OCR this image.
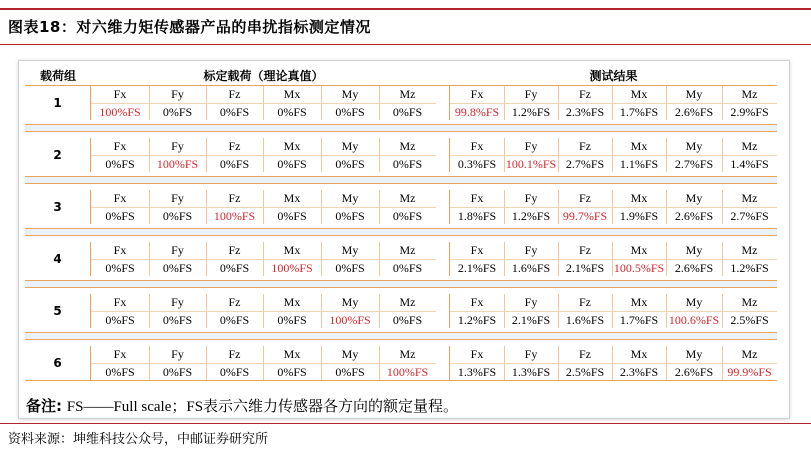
图表18：对六维力矩传感器产品的串扰指标测定情况
载荷组	标定载荷（理论真值）	测试结果
1
Fx
100%FS
Fy
0%FS
Fz
0%FS
Mx
0%FS
My
0%FS
Mz
0%FS
Fx
99.8%FS
Fy
1.2%FS
Fz
2.3%FS
Mx
1.7%FS
My
2.6%FS
Mz
2.9%FS
2
Fx
0%FS
Fy
100%FS
Fz
0%FS
Mx
0%FS
My
0%FS
Mz
0%FS
Fx
0.3%FS
Fy
100.1%FS
Fz
2.7%FS
Mx
1.1%FS
My
2.7%FS
Mz
1.4%FS
3
Fx
0%FS
Fy
0%FS
Fz
100%FS
Mx
0%FS
My
0%FS
Mz
0%FS
Fx
1.8%FS
Fy
1.2%FS
Fz
99.7%FS
Mx
1.9%FS
My
2.6%FS
Mz
2.7%FS
4
Fx
0%FS
Fy
0%FS
Fz
0%FS
Mx
100%FS
My
0%FS
Mz
0%FS
Fx
2.1%FS
Fy
1.6%FS
Fz
2.1%FS
Mx
100.5%FS
My
2.6%FS
Mz
1.2%FS
5
Fx
0%FS
Fy
0%FS
Fz
0%FS
Mx
0%FS
My
100%FS
Mz
0%FS
Fx
1.2%FS
Fy
2.1%FS
Fz
1.6%FS
Mx
1.7%FS
My
100.6%FS
Mz
2.5%FS
6
Fx
0%FS
Fy
0%FS
Fz
0%FS
Mx
0%FS
My
0%FS
Mz
100%FS
Fx
1.3%FS
Fy
1.3%FS
Fz
2.5%FS
Mx
2.3%FS
My
2.6%FS
Mz
99.9%FS
备注: FS——Full scale；FS表示六维力传感器各方向的额定量程。
资料来源：坤维科技公众号，中邮证券研究所
